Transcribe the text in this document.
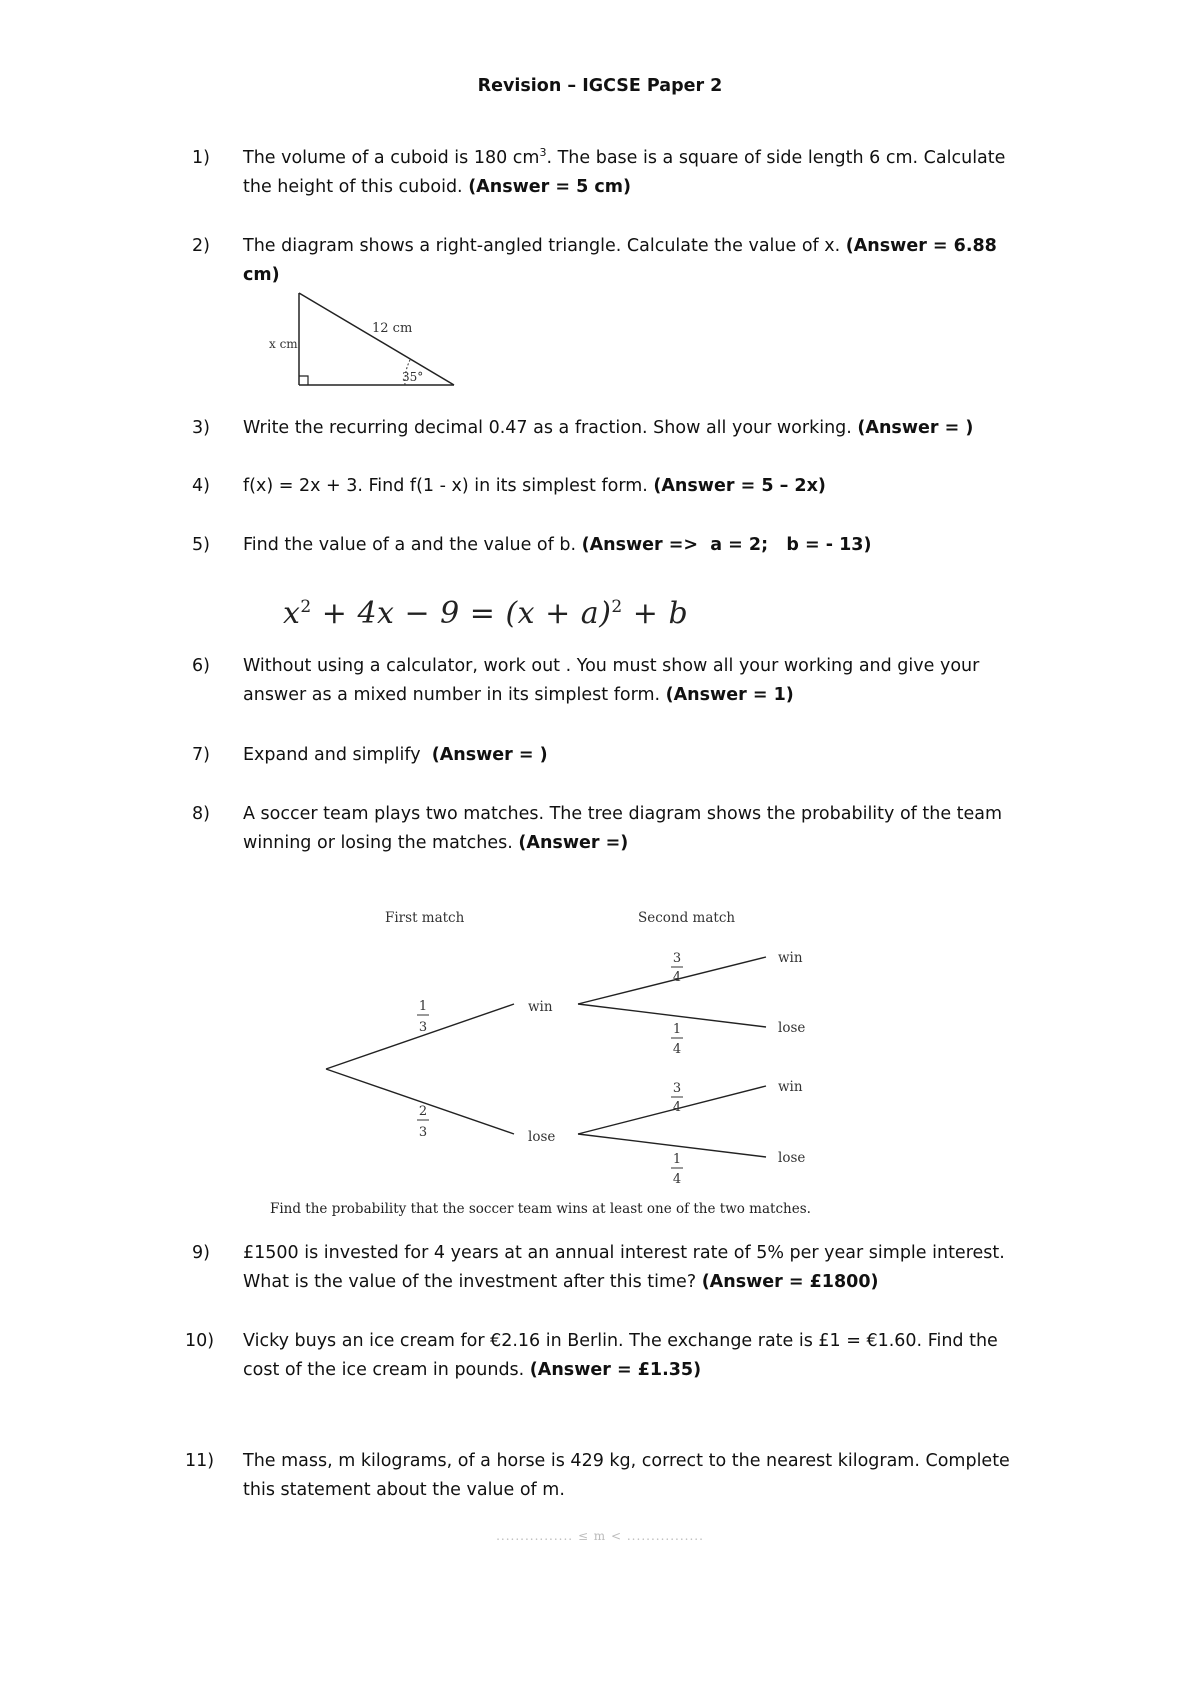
Revision – IGCSE Paper 2
1) The volume of a cuboid is 180 $cm^3$. The base is a square of side length 6 cm. Calculate the height of this cuboid. (Answer = 5 cm)
2) The diagram shows a right-angled triangle. Calculate the value of x. (Answer = 6.88 cm)
x cm
12 cm
35°
3) Write the recurring decimal 0.47 as a fraction. Show all your working. (Answer = )
4) f(x) = 2x + 3. Find f(1 - x) in its simplest form. (Answer = 5 – 2x)
5) Find the value of a and the value of b. (Answer =>  a = 2;   b = - 13)
$x^2 + 4x - 9 = (x + a)^2 + b$
6) Without using a calculator, work out . You must show all your working and give your answer as a mixed number in its simplest form. (Answer = 1)
7) Expand and simplify  (Answer = )
8) A soccer team plays two matches. The tree diagram shows the probability of the team winning or losing the matches. (Answer =)
First match	Second match
1
3
2
3
win
lose
3
4
1
4
3
4
1
4
win
lose
win
lose
Find the probability that the soccer team wins at least one of the two matches.
9) £1500 is invested for 4 years at an annual interest rate of 5% per year simple interest. What is the value of the investment after this time? (Answer = £1800)
10) Vicky buys an ice cream for €2.16 in Berlin. The exchange rate is £1 = €1.60. Find the cost of the ice cream in pounds. (Answer = £1.35)
11) The mass, m kilograms, of a horse is 429 kg, correct to the nearest kilogram. Complete this statement about the value of m.
................ ≤ m < ................
